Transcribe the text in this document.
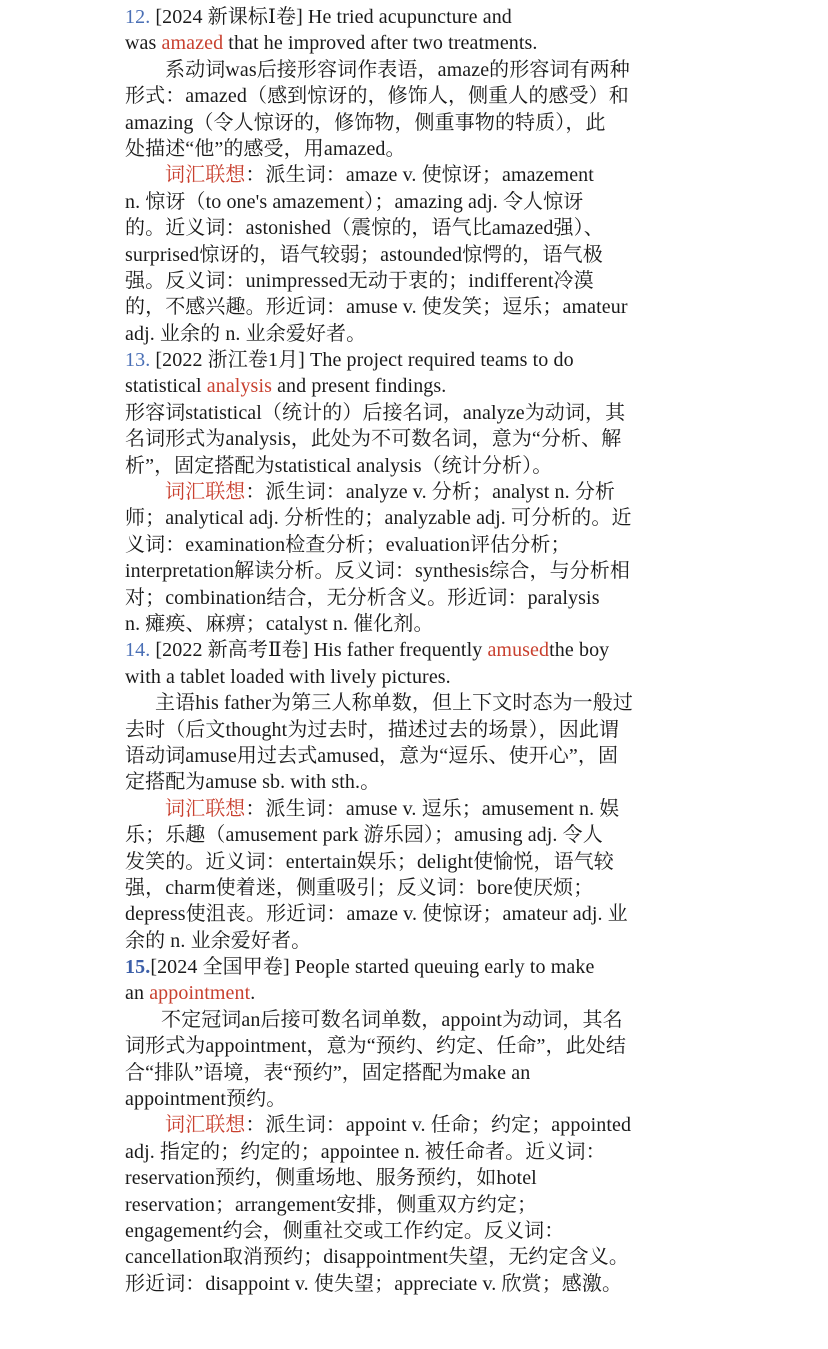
12. [2024 新课标Ⅰ卷] He tried acupuncture and
was amazed that he improved after two treatments.
系动词was后接形容词作表语，amaze的形容词有两种
形式：amazed（感到惊讶的，修饰人，侧重人的感受）和
amazing（令人惊讶的，修饰物，侧重事物的特质），此
处描述“他”的感受，用amazed。
词汇联想：派生词：amaze v. 使惊讶；amazement
n. 惊讶（to one's amazement）；amazing adj. 令人惊讶
的。近义词：astonished（震惊的，语气比amazed强）、
surprised惊讶的，语气较弱；astounded惊愕的，语气极
强。反义词：unimpressed无动于衷的；indifferent冷漠
的，不感兴趣。形近词：amuse v. 使发笑；逗乐；amateur
adj. 业余的 n. 业余爱好者。
13. [2022 浙江卷1月] The project required teams to do
statistical analysis and present findings.
形容词statistical（统计的）后接名词，analyze为动词，其
名词形式为analysis，此处为不可数名词，意为“分析、解
析”，固定搭配为statistical analysis（统计分析）。
词汇联想：派生词：analyze v. 分析；analyst n. 分析
师；analytical adj. 分析性的；analyzable adj. 可分析的。近
义词：examination检查分析；evaluation评估分析；
interpretation解读分析。反义词：synthesis综合，与分析相
对；combination结合，无分析含义。形近词：paralysis
n. 瘫痪、麻痹；catalyst n. 催化剂。
14. [2022 新高考Ⅱ卷] His father frequently amusedthe boy
with a tablet loaded with lively pictures.
主语his father为第三人称单数，但上下文时态为一般过
去时（后文thought为过去时，描述过去的场景），因此谓
语动词amuse用过去式amused，意为“逗乐、使开心”，固
定搭配为amuse sb. with sth.。
词汇联想：派生词：amuse v. 逗乐；amusement n. 娱
乐；乐趣（amusement park 游乐园）；amusing adj. 令人
发笑的。近义词：entertain娱乐；delight使愉悦，语气较
强，charm使着迷，侧重吸引；反义词：bore使厌烦；
depress使沮丧。形近词：amaze v. 使惊讶；amateur adj. 业
余的 n. 业余爱好者。
15.[2024 全国甲卷] People started queuing early to make
an appointment.
不定冠词an后接可数名词单数，appoint为动词，其名
词形式为appointment，意为“预约、约定、任命”，此处结
合“排队”语境，表“预约”，固定搭配为make an
appointment预约。
词汇联想：派生词：appoint v. 任命；约定；appointed
adj. 指定的；约定的；appointee n. 被任命者。近义词：
reservation预约，侧重场地、服务预约，如hotel
reservation；arrangement安排，侧重双方约定；
engagement约会，侧重社交或工作约定。反义词：
cancellation取消预约；disappointment失望，无约定含义。
形近词：disappoint v. 使失望；appreciate v. 欣赏；感激。
